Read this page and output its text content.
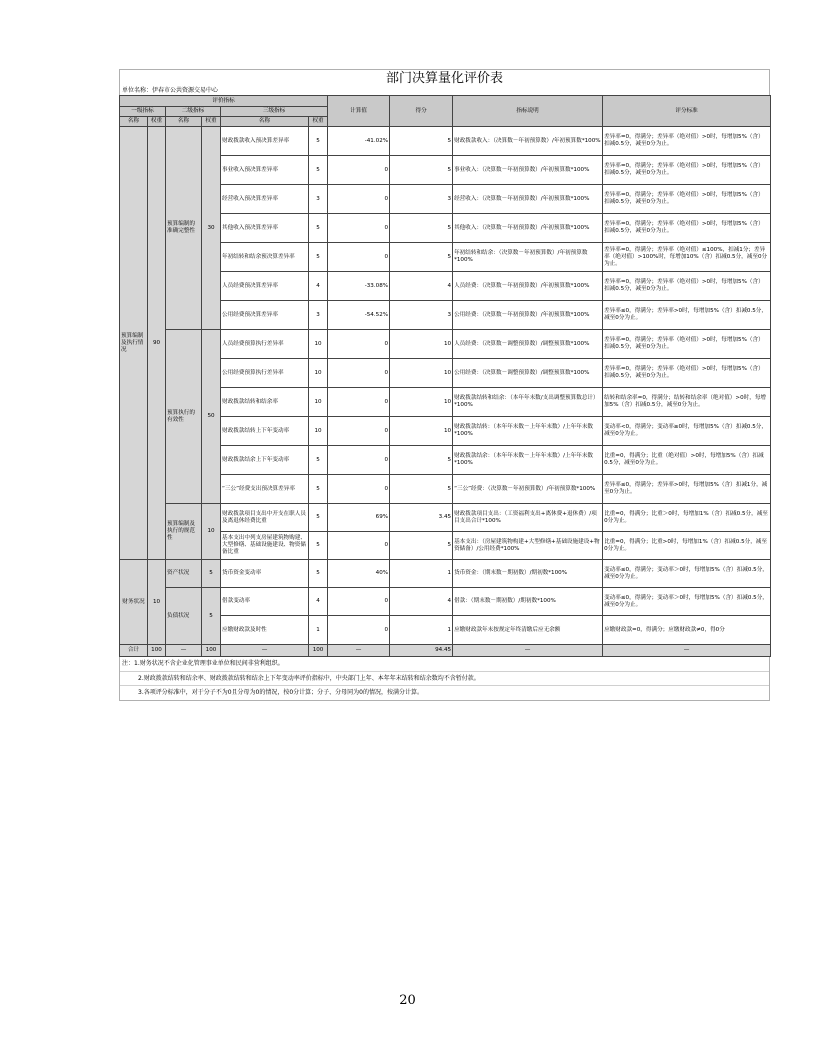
部门决算量化评价表
单位名称：伊春市公共资源交易中心
评价指标						计算值	得分	指标说明	评分标准
一级指标		二级指标		三级指标					
名称	权重	名称	权重	名称	权重				
预算编制及执行情况	90	预算编制的准确完整性	30	财政拨款收入预决算差异率	5	-41.02%	5	财政拨款收入：（决算数－年初预算数）/年初预算数*100%	差异率=0，得满分；差异率（绝对值）>0时，每增加5%（含）扣减0.5分，减至0分为止。
				事业收入预决算差异率	5	0	5	事业收入：（决算数－年初预算数）/年初预算数*100%	差异率=0，得满分；差异率（绝对值）>0时，每增加5%（含）扣减0.5分，减至0分为止。
				经营收入预决算差异率	3	0	3	经营收入：（决算数－年初预算数）/年初预算数*100%	差异率=0，得满分；差异率（绝对值）>0时，每增加5%（含）扣减0.5分，减至0分为止。
				其他收入预决算差异率	5	0	5	其他收入：（决算数－年初预算数）/年初预算数*100%	差异率=0，得满分；差异率（绝对值）>0时，每增加5%（含）扣减0.5分，减至0分为止。
				年初结转和结余预决算差异率	5	0	5	年初结转和结余：（决算数－年初预算数）/年初预算数*100%	差异率=0，得满分；差异率（绝对值）≤100%，扣减1分；差异率（绝对值）>100%时，每增加10%（含）扣减0.5分，减至0分为止。
				人员经费预决算差异率	4	-33.08%	4	人员经费：（决算数－年初预算数）/年初预算数*100%	差异率=0，得满分；差异率（绝对值）>0时，每增加5%（含）扣减0.5分，减至0分为止。
				公用经费预决算差异率	3	-54.52%	3	公用经费：（决算数－年初预算数）/年初预算数*100%	差异率≤0，得满分；差异率>0时，每增加5%（含）扣减0.5分，减至0分为止。
		预算执行的有效性	50	人员经费预算执行差异率	10	0	10	人员经费：（决算数－调整预算数）/调整预算数*100%	差异率=0，得满分；差异率（绝对值）>0时，每增加5%（含）扣减0.5分，减至0分为止。
				公用经费预算执行差异率	10	0	10	公用经费：（决算数－调整预算数）/调整预算数*100%	差异率=0，得满分；差异率（绝对值）>0时，每增加5%（含）扣减0.5分，减至0分为止。
				财政拨款结转和结余率	10	0	10	财政拨款结转和结余：（本年年末数/支出调整预算数总计）*100%	结转和结余率=0，得满分；结转和结余率（绝对值）>0时，每增加5%（含）扣减0.5分，减至0分为止。
				财政拨款结转上下年变动率	10	0	10	财政拨款结转：（本年年末数－上年年末数）/上年年末数*100%	变动率<0，得满分；变动率≥0时，每增加5%（含）扣减0.5分，减至0分为止。
				财政拨款结余上下年变动率	5	0	5	财政拨款结余：（本年年末数－上年年末数）/上年年末数*100%	比重=0，得满分；比重（绝对值）>0时，每增加5%（含）扣减0.5分，减至0分为止。
				“三公”经费支出预决算差异率	5	0	5	“三公”经费：（决算数－年初预算数）/年初预算数*100%	差异率≤0，得满分；差异率>0时，每增加5%（含）扣减1分，减至0分为止。
		预算编制及执行的规范性	10	财政拨款项目支出中开支在职人员及离退休经费比重	5	69%	3.45	财政拨款项目支出：（工资福利支出+离休费+退休费）/项目支出合计*100%	比重=0，得满分；比重＞0时，每增加1%（含）扣减0.5分，减至0分为止。
				基本支出中列支房屋建筑物购建、大型修缮、基础设施建设、物资储备比重	5	0	5	基本支出：（房屋建筑物构建+大型修缮+基础设施建设+物资储备）/公用经费*100%	比重=0，得满分；比重>0时，每增加1%（含）扣减0.5分，减至0分为止。
财务状况	10	资产状况	5	货币资金变动率	5	40%	1	货币资金：（期末数－期初数）/期初数*100%	变动率≤0，得满分；变动率＞0时，每增加5%（含）扣减0.5分，减至0分为止。
		负债状况	5	借款变动率	4	0	4	借款：（期末数－期初数）/期初数*100%	变动率≤0，得满分；变动率＞0时，每增加5%（含）扣减0.5分，减至0分为止。
				应缴财政款及时性	1	0	1	应缴财政款年末按规定年终清缴后应无余额	应缴财政款=0，得满分；应缴财政款≠0，得0分
合计	100	—	100	—	100	—	94.45	—	—
注：1.财务状况不含企业化管理事业单位和民间非营利组织。
2.财政拨款结转和结余率、财政拨款结转和结余上下年变动率评价指标中，中央部门上年、本年年末结转和结余数均不含暂付款。
3.各项评分标准中，对于分子不为0且分母为0的情况，按0分计算；分子、分母同为0的情况，按满分计算。
20
